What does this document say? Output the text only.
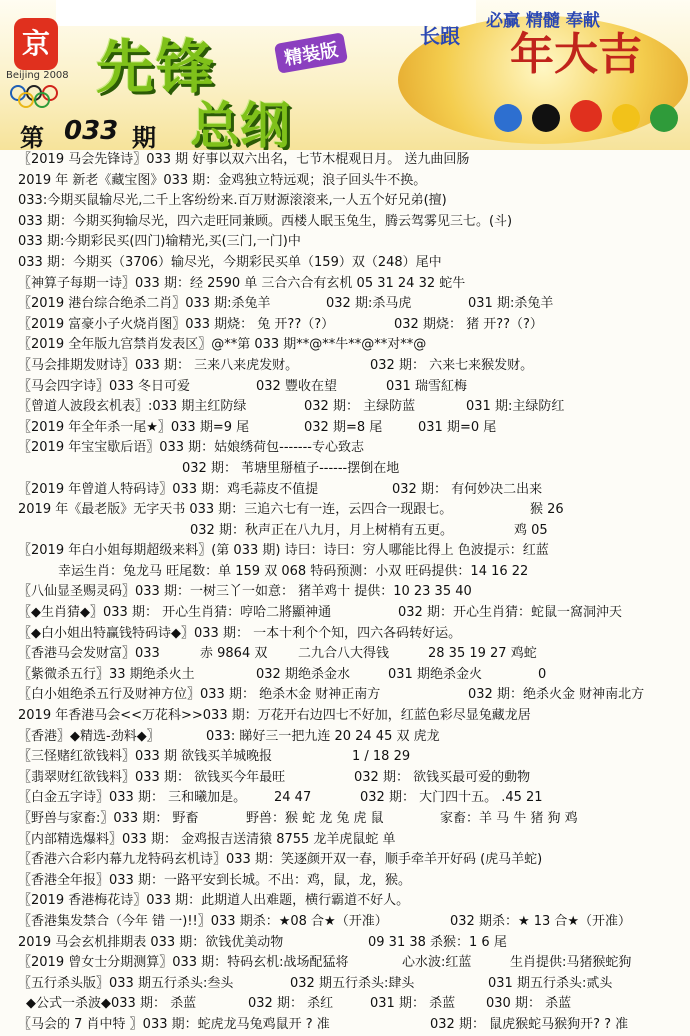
京
Beijing 2008
长跟 年大吉
必赢 精髓 奉献
先锋	精装版
总纲
第 033 期
〖2019 马会先锋诗〗033 期 好事以双六出名，七节木棍观日月。 送九曲回肠
2019 年 新老《藏宝图》033 期：金鸡独立特远观；浪子回头牛不换。
033:今期买鼠输尽光,二千上客纷纷来.百万财源滚滚来,一人五个好兄弟(擅)
033 期：今期买狗输尽光，四六走旺同兼顾。西楼人眠玉兔生，腾云驾雾见三七。(斗)
033 期:今期彩民买(四门)输精光,买(三门,一门)中
033 期：今期买（3706）输尽光，今期彩民买单（159）双（248）尾中
〖神算子每期一诗〗033 期：经 2590 单 三合六合有玄机 05 31 24 32 蛇牛
〖2019 港台综合绝杀二肖〗033 期:杀兔羊	032 期:杀马虎	031 期:杀兔羊
〖2019 富豪小子火烧肖图〗033 期烧： 兔 开??（?）	032 期烧： 猪 开??（?）
〖2019 全年版九宫禁肖发表区〗@**第 033 期**@**牛**@**对**@
〖马会排期发财诗〗033 期： 三来八来虎发财。	032 期： 六来七来猴发财。
〖马会四字诗〗033 冬日可爱	032 豐收在望	031 瑞雪紅梅
〖曾道人波段玄机表〗:033 期主红防绿	032 期： 主绿防蓝	031 期:主绿防红
〖2019 年全年杀一尾★〗033 期=9 尾	032 期=8 尾	031 期=0 尾
〖2019 年宝宝歇后语〗033 期：姑娘绣荷包-------专心致志
032 期： 苇塘里掰植子------摆倒在地
〖2019 年曾道人特码诗〗033 期：鸡毛蒜皮不值提	032 期： 有何妙决二出来
2019 年《最老版》无字天书 033 期：三追六七有一连，云四合一现跟七。	猴 26
032 期：秋声正在八九月，月上树梢有五更。	鸡 05
〖2019 年白小姐每期超级来料〗(第 033 期) 诗曰：诗曰：穷人哪能比得上 色波提示：红蓝
幸运生肖：兔龙马 旺尾数：单 159 双 068 特码预测：小双 旺码提供：14 16 22
〖八仙显圣赐灵码〗033 期：一树三丫一如意： 猪羊鸡十 提供：10 23 35 40
〖◆生肖猜◆〗033 期： 开心生肖猜：哼哈二將顯神通	032 期：开心生肖猜：蛇鼠一窩洞沖天
〖◆白小姐出特赢钱特码诗◆〗033 期： 一本十利个个知，四六各码转好运。
〖香港马会发财富〗033	赤 9864 双 二九合八大得钱	28 35 19 27 鸡蛇
〖紫微杀五行〗33 期绝杀火土	032 期绝杀金水	031 期绝杀金火	0
〖白小姐绝杀五行及财神方位〗033 期： 绝杀木金 财神正南方	032 期：绝杀火金 财神南北方
2019 年香港马会<<万花科>>033 期：万花开右边四七不好加，红蓝色彩尽显兔藏龙居
〖香港〗◆精选-劲料◆〗	033: 睇好三一把九连 20 24 45 双 虎龙
〖三怪赌红欲钱料〗033 期 欲钱买羊城晚报	1 / 18 29
〖翡翠财红欲钱料〗033 期： 欲钱买今年最旺	032 期： 欲钱买最可爱的動物
〖白金五字诗〗033 期： 三和曦加是。 24 47	032 期： 大门四十五。 .45 21
〖野兽与家畜:〗033 期： 野畜	野兽：猴 蛇 龙 兔 虎 鼠	家畜：羊 马 牛 猪 狗 鸡
〖内部精选爆料〗033 期： 金鸡报吉送清猿 8755 龙羊虎鼠蛇 单
〖香港六合彩内幕九龙特码玄机诗〗033 期：笑逐颜开双一春，顺手牵羊开好码 (虎马羊蛇)
〖香港全年报〗033 期：一路平安到长城。不出：鸡，鼠，龙，猴。
〖2019 香港梅花诗〗033 期：此期道人出难题，横行霸道不好人。
〖香港集发禁合（今年 错 一)!!〗033 期杀：★08 合★（开准）	032 期杀：★ 13 合★（开准）
2019 马会玄机排期表 033 期：欲钱优美动物	09 31 38 杀猴：1 6 尾
〖2019 曾女士分期测算〗033 期：特码玄机:战场配猛将	心水波:红蓝	生肖提供:马猪猴蛇狗
〖五行杀头版〗033 期五行杀头:叁头	032 期五行杀头:肆头	031 期五行杀头:贰头
◆公式一杀波◆033 期： 杀蓝	032 期： 杀红	031 期： 杀蓝 030 期： 杀蓝
〖马会的 7 肖中特 〗033 期：蛇虎龙马兔鸡鼠开 ? 准	032 期： 鼠虎猴蛇马猴狗开? ? 准
